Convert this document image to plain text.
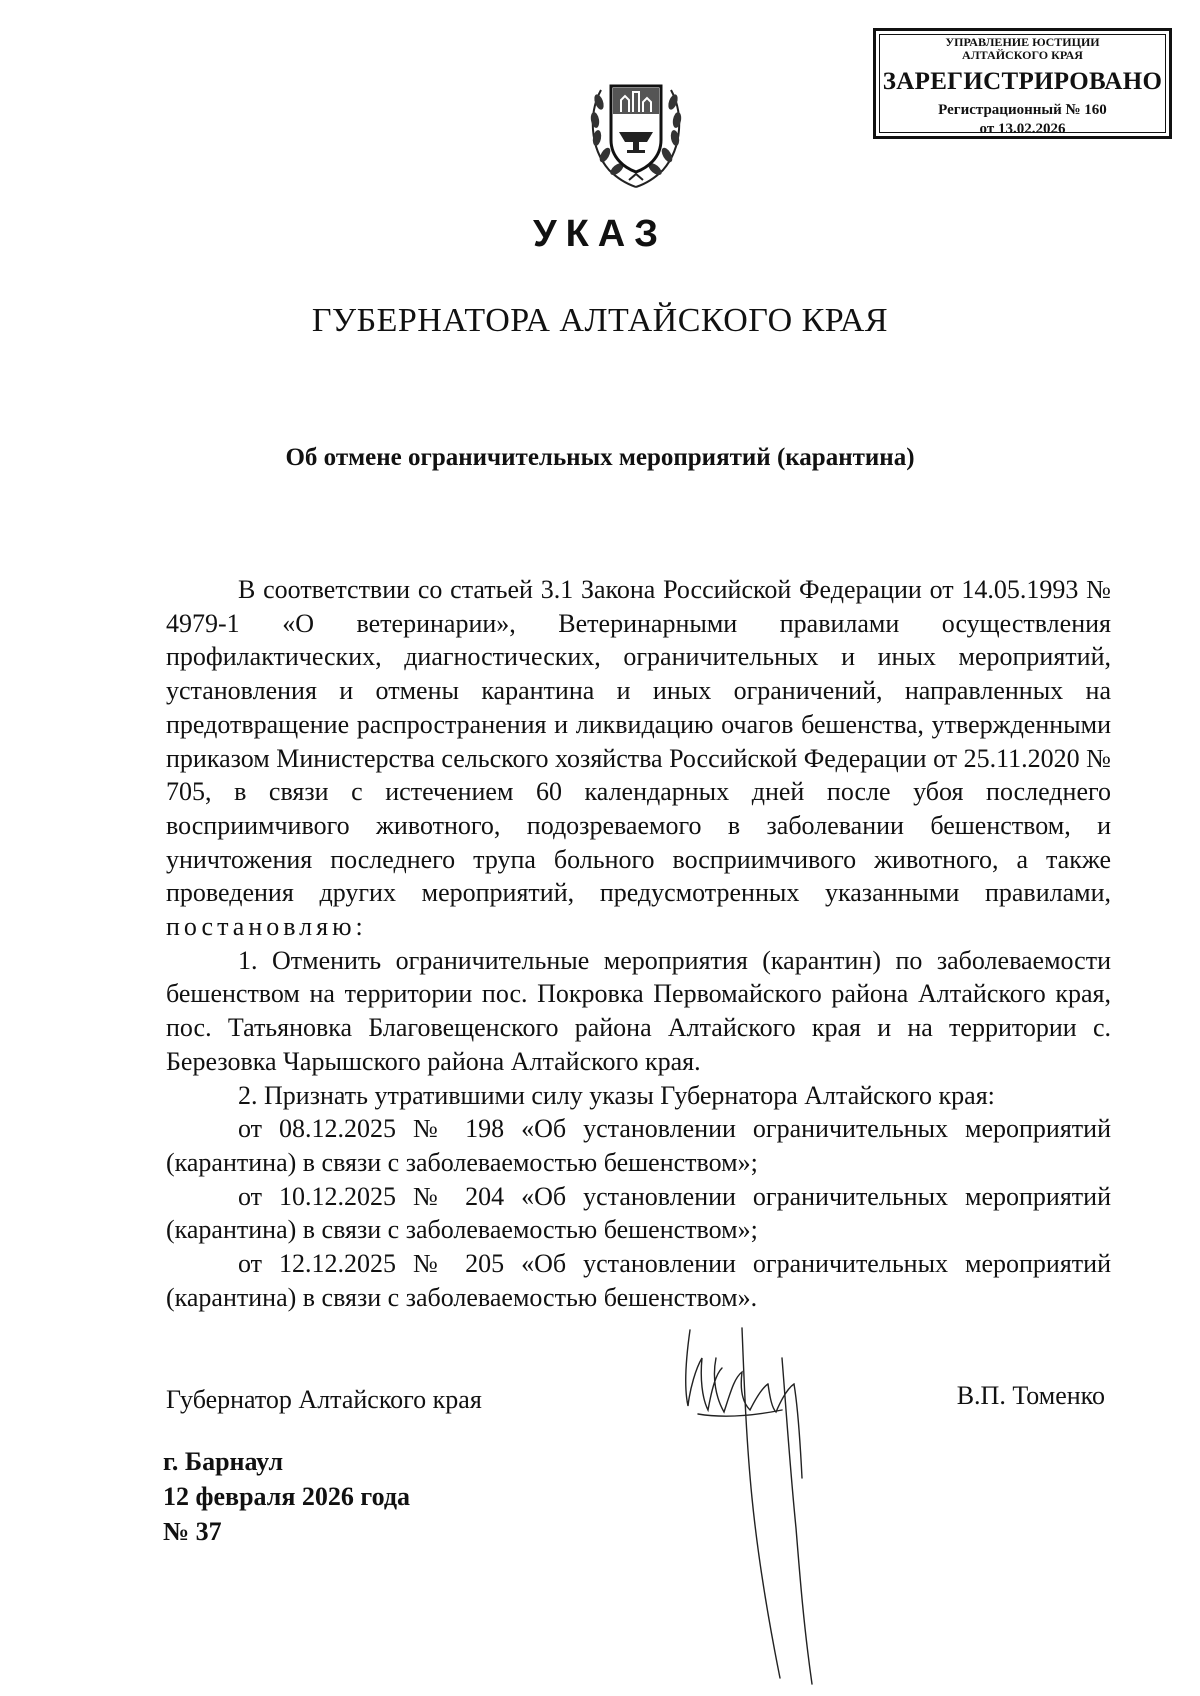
УПРАВЛЕНИЕ ЮСТИЦИИ
АЛТАЙСКОГО КРАЯ
ЗАРЕГИСТРИРОВАНО
Регистрационный № 160
от 13.02.2026
УКАЗ
ГУБЕРНАТОРА АЛТАЙСКОГО КРАЯ
Об отмене ограничительных мероприятий (карантина)

В соответствии со статьей 3.1 Закона Российской Федерации от 14.05.1993 № 4979-1 «О ветеринарии», Ветеринарными правилами осуществления профилактических, диагностических, ограничительных и иных мероприятий, установления и отмены карантина и иных ограничений, направленных на предотвращение распространения и ликвидацию очагов бешенства, утвержденными приказом Министерства сельского хозяйства Российской Федерации от 25.11.2020 № 705, в связи с истечением 60 календарных дней после убоя последнего восприимчивого животного, подозреваемого в заболевании бешенством, и уничтожения последнего трупа больного восприимчивого животного, а также проведения других мероприятий, предусмотренных указанными правилами, постановляю:

1. Отменить ограничительные мероприятия (карантин) по заболеваемости бешенством на территории пос. Покровка Первомайского района Алтайского края, пос. Татьяновка Благовещенского района Алтайского края и на территории с. Березовка Чарышского района Алтайского края.

2. Признать утратившими силу указы Губернатора Алтайского края:

от 08.12.2025 № 198 «Об установлении ограничительных мероприятий (карантина) в связи с заболеваемостью бешенством»;

от 10.12.2025 № 204 «Об установлении ограничительных мероприятий (карантина) в связи с заболеваемостью бешенством»;

от 12.12.2025 № 205 «Об установлении ограничительных мероприятий (карантина) в связи с заболеваемостью бешенством».

Губернатор Алтайского края	В.П. Томенко
г. Барнаул
12 февраля 2026 года
№ 37
